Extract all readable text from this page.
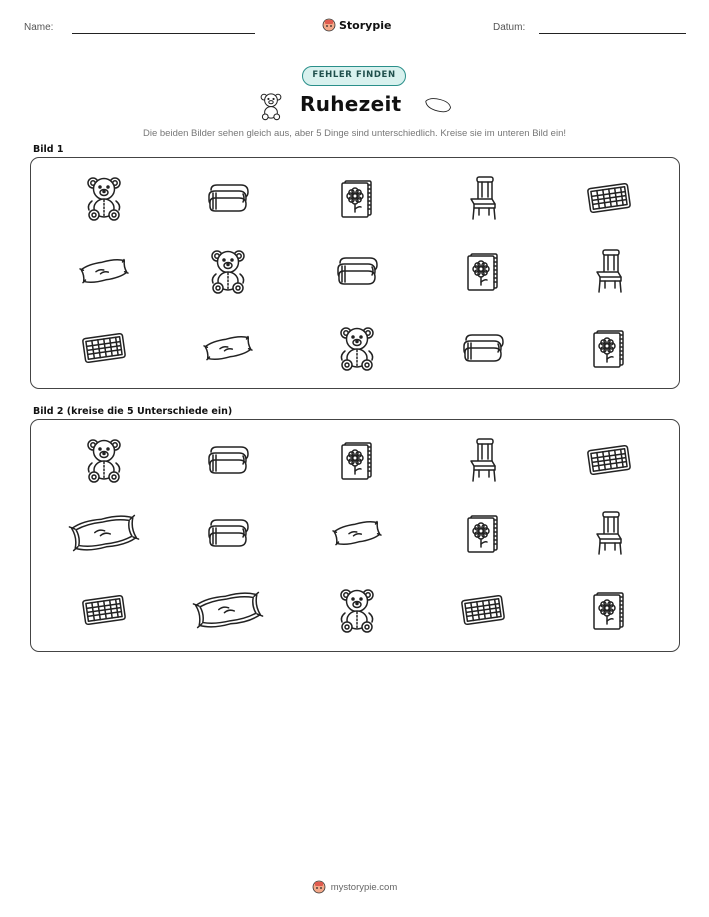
Name:	Storypie	Datum:
FEHLER FINDEN
Ruhezeit
Die beiden Bilder sehen gleich aus, aber 5 Dinge sind unterschiedlich. Kreise sie im unteren Bild ein!
Bild 1
Bild 2 (kreise die 5 Unterschiede ein)
mystorypie.com
